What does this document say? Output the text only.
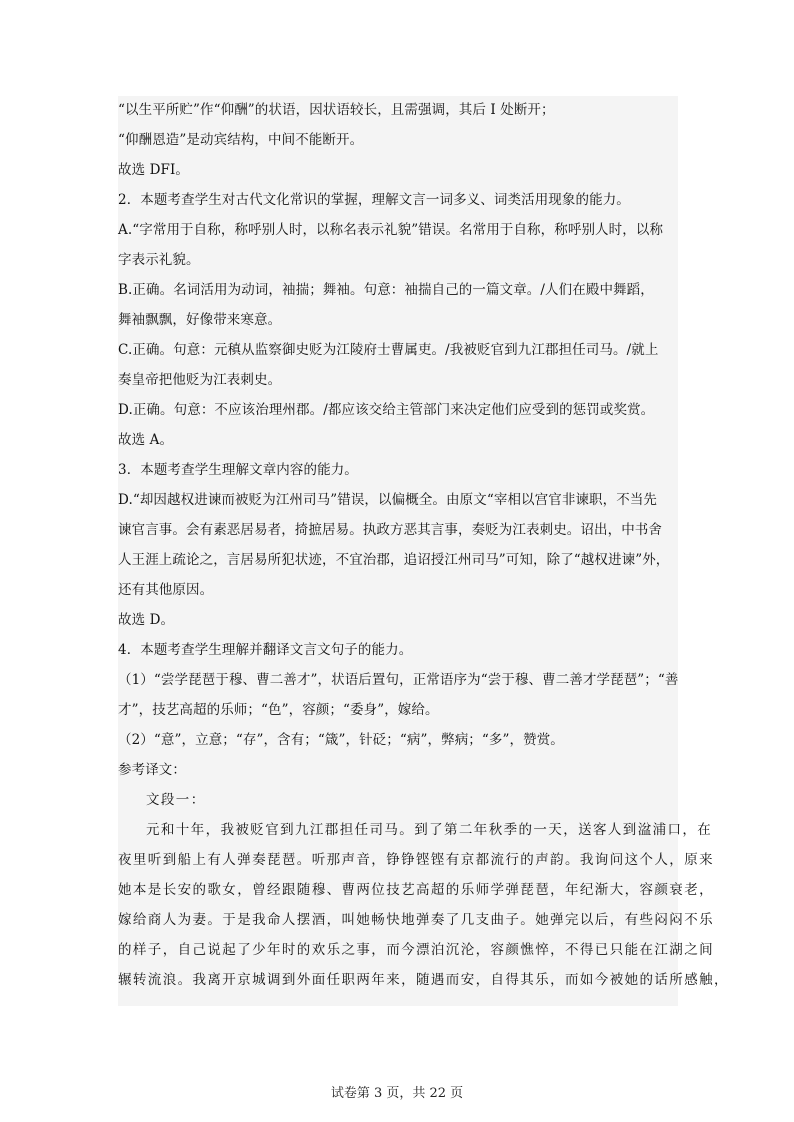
“以生平所贮”作“仰酬”的状语，因状语较长，且需强调，其后 I 处断开；
“仰酬恩造”是动宾结构，中间不能断开。
故选 DFI。
2．本题考查学生对古代文化常识的掌握，理解文言一词多义、词类活用现象的能力。
A.“字常用于自称，称呼别人时，以称名表示礼貌”错误。名常用于自称，称呼别人时，以称
字表示礼貌。
B.正确。名词活用为动词，袖揣；舞袖。句意：袖揣自己的一篇文章。/人们在殿中舞蹈，
舞袖飘飘，好像带来寒意。
C.正确。句意：元稹从监察御史贬为江陵府士曹属吏。/我被贬官到九江郡担任司马。/就上
奏皇帝把他贬为江表刺史。
D.正确。句意：不应该治理州郡。/都应该交给主管部门来决定他们应受到的惩罚或奖赏。
故选 A。
3．本题考查学生理解文章内容的能力。
D.“却因越权进谏而被贬为江州司马”错误，以偏概全。由原文“宰相以宫官非谏职，不当先
谏官言事。会有素恶居易者，掎摭居易。执政方恶其言事，奏贬为江表刺史。诏出，中书舍
人王涯上疏论之，言居易所犯状迹，不宜治郡，追诏授江州司马”可知，除了“越权进谏”外，
还有其他原因。
故选 D。
4．本题考查学生理解并翻译文言文句子的能力。
（1）“尝学琵琶于穆、曹二善才”，状语后置句，正常语序为“尝于穆、曹二善才学琵琶”；“善
才”，技艺高超的乐师；“色”，容颜；“委身”，嫁给。
（2）“意”，立意；“存”，含有；“箴”，针砭；“病”，弊病；“多”，赞赏。
参考译文：
文段一：
元和十年，我被贬官到九江郡担任司马。到了第二年秋季的一天，送客人到湓浦口，在
夜里听到船上有人弹奏琵琶。听那声音，铮铮铿铿有京都流行的声韵。我询问这个人，原来
她本是长安的歌女，曾经跟随穆、曹两位技艺高超的乐师学弹琵琶，年纪渐大，容颜衰老，
嫁给商人为妻。于是我命人摆酒，叫她畅快地弹奏了几支曲子。她弹完以后，有些闷闷不乐
的样子，自己说起了少年时的欢乐之事，而今漂泊沉沦，容颜憔悴，不得已只能在江湖之间
辗转流浪。我离开京城调到外面任职两年来，随遇而安，自得其乐，而如今被她的话所感触，
试卷第 3 页，共 22 页
